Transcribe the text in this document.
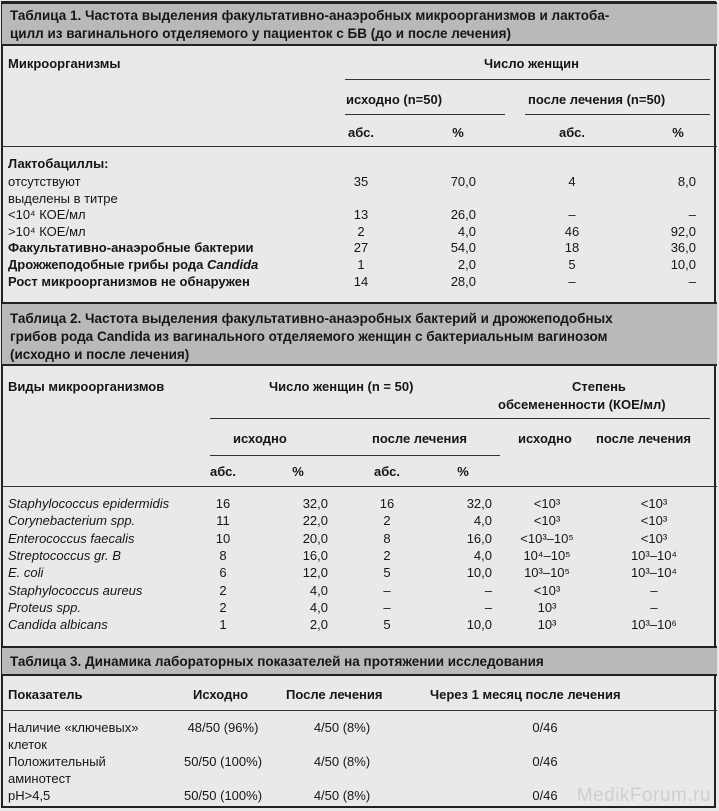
Таблица 1. Частота выделения факультативно-анаэробных микроорганизмов и лактоба-
цилл из вагинального отделяемого у пациенток с БВ (до и после лечения)
Микроорганизмы	Число женщин
исходно (n=50)	после лечения (n=50)
абс.	%	абс.	%
Лактобациллы:
отсутствуют	35	70,0	4	8,0
выделены в титре
<10⁴ КОЕ/мл	13	26,0	–	–
>10⁴ КОЕ/мл	2	4,0	46	92,0
Факультативно-анаэробные бактерии	27	54,0	18	36,0
Дрожжеподобные грибы рода Candida	1	2,0	5	10,0
Рост микроорганизмов не обнаружен	14	28,0	–	–
Таблица 2. Частота выделения факультативно-анаэробных бактерий и дрожжеподобных
грибов рода Candida из вагинального отделяемого женщин с бактериальным вагинозом
(исходно и после лечения)
Виды микроорганизмов	Число женщин (n = 50)	Степень
обсемененности (КОЕ/мл)
исходно	после лечения	исходно после лечения
абс.	%	абс.	%
Staphylococcus epidermidis	16	32,0	16	32,0	<10³	<10³
Corynebacterium spp.	11	22,0	2	4,0	<10³	<10³
Enterococcus faecalis	10	20,0	8	16,0	<10³–10⁵	<10³
Streptococcus gr. B	8	16,0	2	4,0	10⁴–10⁵	10³–10⁴
E. coli	6	12,0	5	10,0	10³–10⁵	10³–10⁴
Staphylococcus aureus	2	4,0	–	–	<10³	–
Proteus spp.	2	4,0	–	–	10³	–
Candida albicans	1	2,0	5	10,0	10³	10³–10⁶
Таблица 3. Динамика лабораторных показателей на протяжении исследования
Показатель	Исходно	После лечения	Через 1 месяц после лечения
Наличие «ключевых»
клеток
48/50 (96%)	4/50 (8%)	0/46
Положительный
аминотест
50/50 (100%)	4/50 (8%)	0/46
рН>4,5	50/50 (100%)	4/50 (8%)	0/46	MedikForum.ru
